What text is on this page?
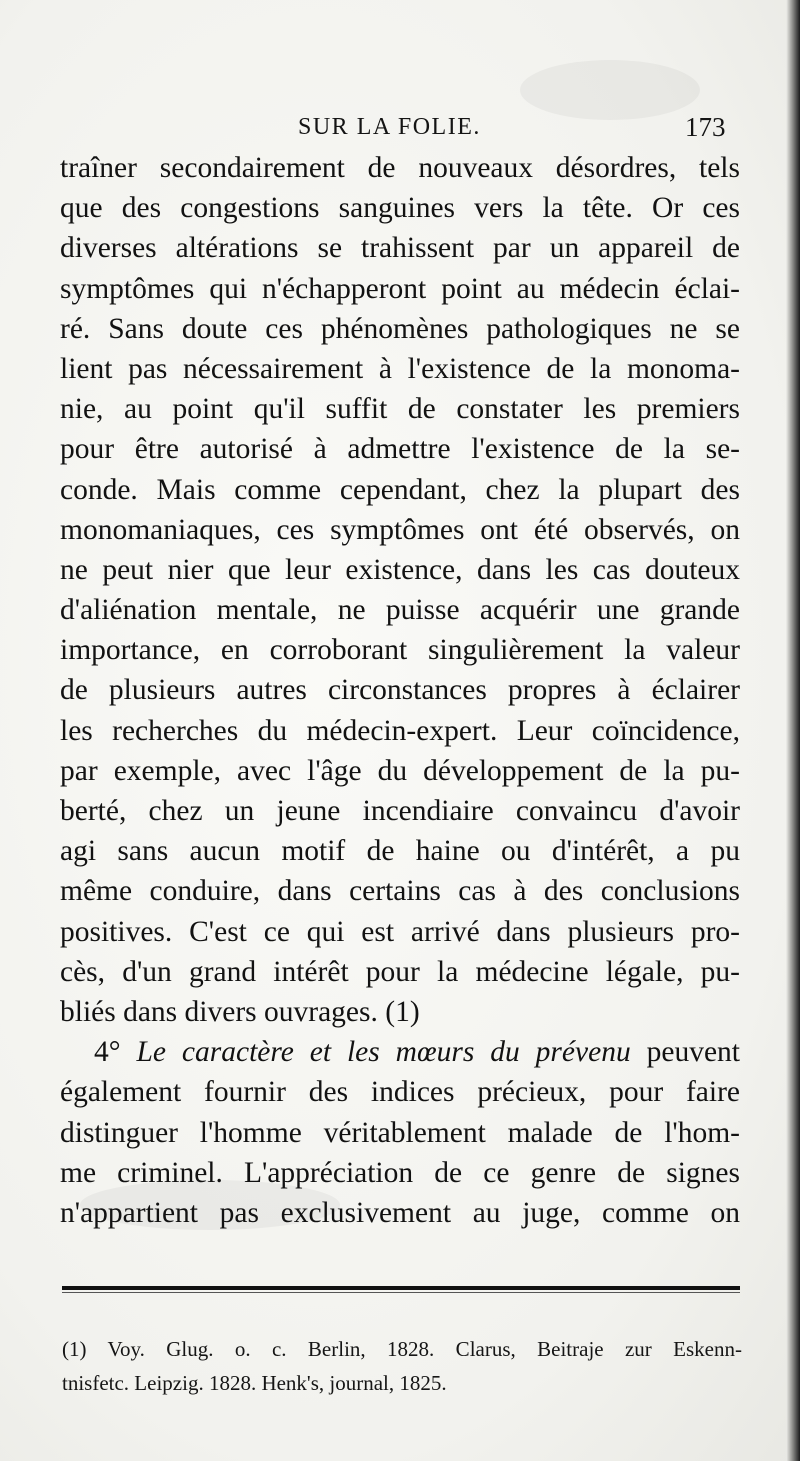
SUR LA FOLIE.	173
traîner secondairement de nouveaux désordres, tels
que des congestions sanguines vers la tête. Or ces
diverses altérations se trahissent par un appareil de
symptômes qui n'échapperont point au médecin éclai-
ré. Sans doute ces phénomènes pathologiques ne se
lient pas nécessairement à l'existence de la monoma-
nie, au point qu'il suffit de constater les premiers
pour être autorisé à admettre l'existence de la se-
conde. Mais comme cependant, chez la plupart des
monomaniaques, ces symptômes ont été observés, on
ne peut nier que leur existence, dans les cas douteux
d'aliénation mentale, ne puisse acquérir une grande
importance, en corroborant singulièrement la valeur
de plusieurs autres circonstances propres à éclairer
les recherches du médecin-expert. Leur coïncidence,
par exemple, avec l'âge du développement de la pu-
berté, chez un jeune incendiaire convaincu d'avoir
agi sans aucun motif de haine ou d'intérêt, a pu
même conduire, dans certains cas à des conclusions
positives. C'est ce qui est arrivé dans plusieurs pro-
cès, d'un grand intérêt pour la médecine légale, pu-
bliés dans divers ouvrages. (1)
4° Le caractère et les mœurs du prévenu peuvent
également fournir des indices précieux, pour faire
distinguer l'homme véritablement malade de l'hom-
me criminel. L'appréciation de ce genre de signes
n'appartient pas exclusivement au juge, comme on
(1) Voy. Glug. o. c. Berlin, 1828. Clarus, Beitraje zur Eskenn-
tnisfetc. Leipzig. 1828. Henk's, journal, 1825.
